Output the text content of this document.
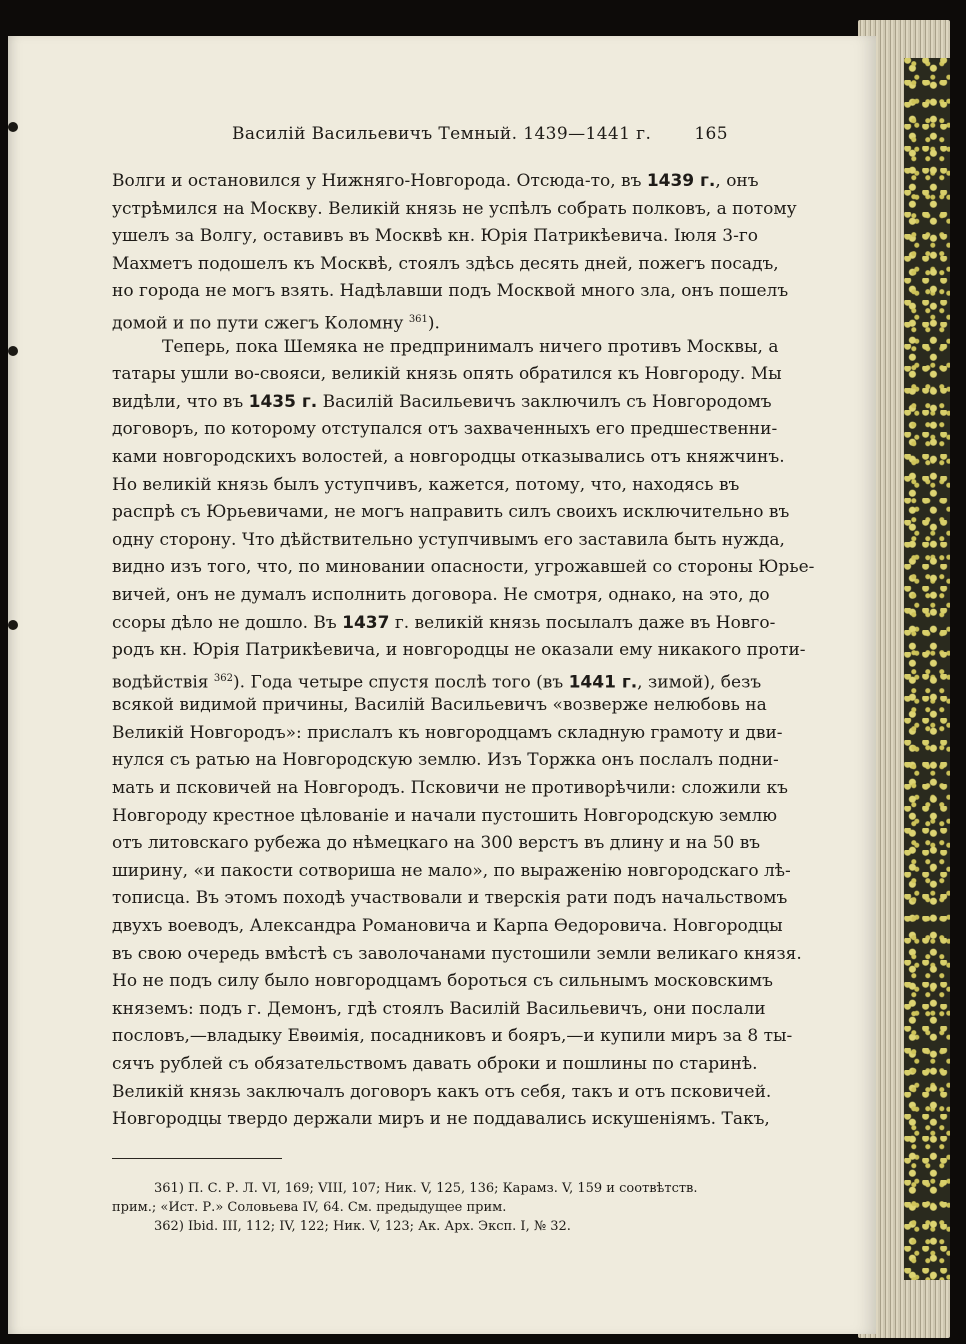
Василій Васильевичъ Темный. 1439—1441 г.	165
Волги и остановился у Нижняго-Новгорода. Отсюда-то, въ 1439 г., онъ
устрѣмился на Москву. Великій князь не успѣлъ собрать полковъ, а потому
ушелъ за Волгу, оставивъ въ Москвѣ кн. Юрія Патрикѣевича. Іюля 3-го
Махметъ подошелъ къ Москвѣ, стоялъ здѣсь десять дней, пожегъ посадъ,
но города не могъ взять. Надѣлавши подъ Москвой много зла, онъ пошелъ
домой и по пути сжегъ Коломну $^{361}$).
Теперь, пока Шемяка не предпринималъ ничего противъ Москвы, а
татары ушли во-свояси, великій князь опять обратился къ Новгороду. Мы
видѣли, что въ 1435 г. Василій Васильевичъ заключилъ съ Новгородомъ
договоръ, по которому отступался отъ захваченныхъ его предшественни-
ками новгородскихъ волостей, а новгородцы отказывались отъ княжчинъ.
Но великій князь былъ уступчивъ, кажется, потому, что, находясь въ
распрѣ съ Юрьевичами, не могъ направить силъ своихъ исключительно въ
одну сторону. Что дѣйствительно уступчивымъ его заставила быть нужда,
видно изъ того, что, по миновании опасности, угрожавшей со стороны Юрье-
вичей, онъ не думалъ исполнить договора. Не смотря, однако, на это, до
ссоры дѣло не дошло. Въ 1437 г. великій князь посылалъ даже въ Новго-
родъ кн. Юрія Патрикѣевича, и новгородцы не оказали ему никакого проти-
водѣйствія $^{362}$). Года четыре спустя послѣ того (въ 1441 г., зимой), безъ
всякой видимой причины, Василій Васильевичъ «возверже нелюбовь на
Великій Новгородъ»: прислалъ къ новгородцамъ складную грамоту и дви-
нулся съ ратью на Новгородскую землю. Изъ Торжка онъ послалъ подни-
мать и псковичей на Новгородъ. Псковичи не противорѣчили: сложили къ
Новгороду крестное цѣлованіе и начали пустошить Новгородскую землю
отъ литовскаго рубежа до нѣмецкаго на 300 верстъ въ длину и на 50 въ
ширину, «и пакости сотвориша не мало», по выраженію новгородскаго лѣ-
тописца. Въ этомъ походѣ участвовали и тверскія рати подъ начальствомъ
двухъ воеводъ, Александра Романовича и Карпа Ѳедоровича. Новгородцы
въ свою очередь вмѣстѣ съ заволочанами пустошили земли великаго князя.
Но не подъ силу было новгородцамъ бороться съ сильнымъ московскимъ
княземъ: подъ г. Демонъ, гдѣ стоялъ Василій Васильевичъ, они послали
пословъ,—владыку Евѳимія, посадниковъ и бояръ,—и купили миръ за 8 ты-
сячъ рублей съ обязательствомъ давать оброки и пошлины по старинѣ.
Великій князь заключалъ договоръ какъ отъ себя, такъ и отъ псковичей.
Новгородцы твердо держали миръ и не поддавались искушеніямъ. Такъ,
361) П. С. Р. Л. VI, 169; VIII, 107; Ник. V, 125, 136; Карамз. V, 159 и соотвѣтств.
прим.; «Ист. Р.» Соловьева IV, 64. См. предыдущее прим.
362) Ibid. III, 112; IV, 122; Ник. V, 123; Ак. Арх. Эксп. I, № 32.
